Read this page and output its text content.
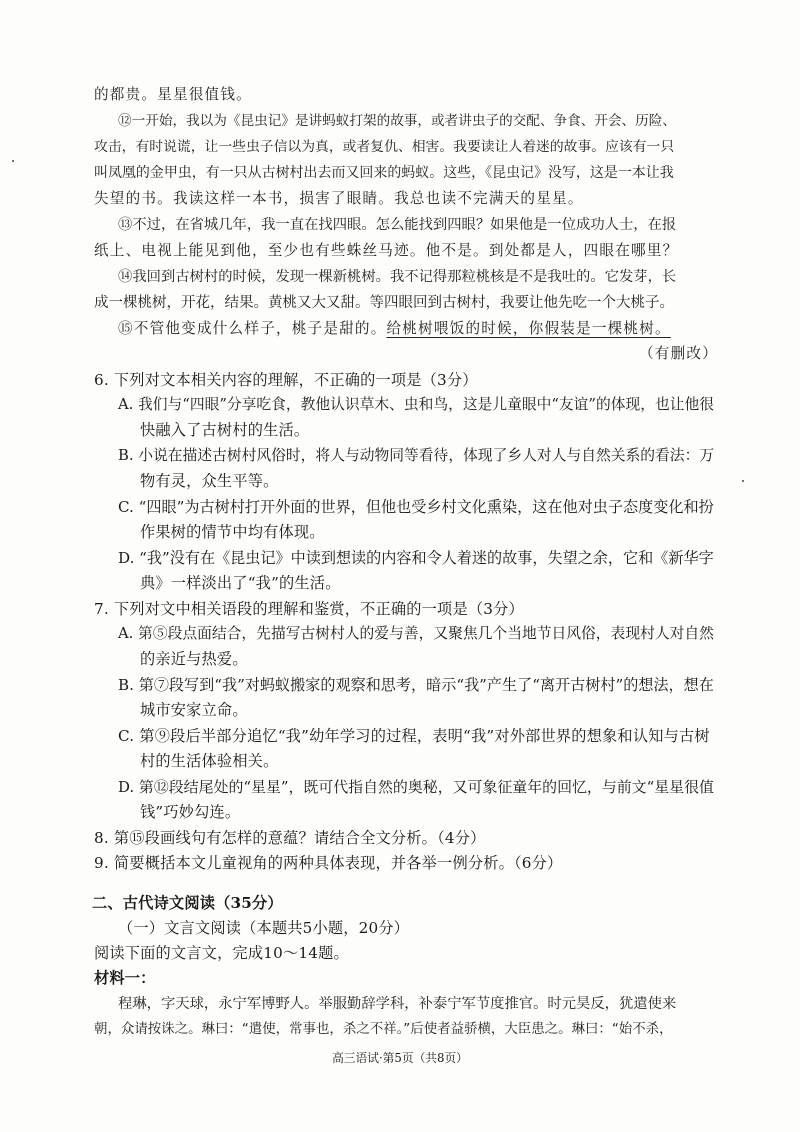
的都贵。星星很值钱。
⑫一开始，我以为《昆虫记》是讲蚂蚁打架的故事，或者讲虫子的交配、争食、开会、历险、
攻击，有时说谎，让一些虫子信以为真，或者复仇、相害。我要读让人着迷的故事。应该有一只
叫凤凰的金甲虫，有一只从古树村出去而又回来的蚂蚁。这些，《昆虫记》没写，这是一本让我
失望的书。我读这样一本书，损害了眼睛。我总也读不完满天的星星。
⑬不过，在省城几年，我一直在找四眼。怎么能找到四眼？如果他是一位成功人士，在报
纸上、电视上能见到他，至少也有些蛛丝马迹。他不是。到处都是人，四眼在哪里？
⑭我回到古树村的时候，发现一棵新桃树。我不记得那粒桃核是不是我吐的。它发芽，长
成一棵桃树，开花，结果。黄桃又大又甜。等四眼回到古树村，我要让他先吃一个大桃子。
⑮不管他变成什么样子，桃子是甜的。给桃树喂饭的时候，你假装是一棵桃树。
（有删改）
6. 下列对文本相关内容的理解，不正确的一项是（3分）
A. 我们与“四眼”分享吃食，教他认识草木、虫和鸟，这是儿童眼中“友谊”的体现，也让他很
快融入了古树村的生活。
B. 小说在描述古树村风俗时，将人与动物同等看待，体现了乡人对人与自然关系的看法：万
物有灵，众生平等。
C. “四眼”为古树村打开外面的世界，但他也受乡村文化熏染，这在他对虫子态度变化和扮
作果树的情节中均有体现。
D. “我”没有在《昆虫记》中读到想读的内容和令人着迷的故事，失望之余，它和《新华字
典》一样淡出了“我”的生活。
7. 下列对文中相关语段的理解和鉴赏，不正确的一项是（3分）
A. 第⑤段点面结合，先描写古树村人的爱与善，又聚焦几个当地节日风俗，表现村人对自然
的亲近与热爱。
B. 第⑦段写到“我”对蚂蚁搬家的观察和思考，暗示“我”产生了“离开古树村”的想法，想在
城市安家立命。
C. 第⑨段后半部分追忆“我”幼年学习的过程，表明“我”对外部世界的想象和认知与古树
村的生活体验相关。
D. 第⑫段结尾处的“星星”，既可代指自然的奥秘，又可象征童年的回忆，与前文“星星很值
钱”巧妙勾连。
8. 第⑮段画线句有怎样的意蕴？请结合全文分析。（4分）
9. 简要概括本文儿童视角的两种具体表现，并各举一例分析。（6分）
二、古代诗文阅读（35分）
（一）文言文阅读（本题共5小题，20分）
阅读下面的文言文，完成10～14题。
材料一：
程琳，字天球，永宁军博野人。举服勤辞学科，补泰宁军节度推官。时元昊反，犹遣使来
朝，众请按诛之。琳曰：“遣使，常事也，杀之不祥。”后使者益骄横，大臣患之。琳曰：“始不杀，
高三语试·第5页（共8页）
